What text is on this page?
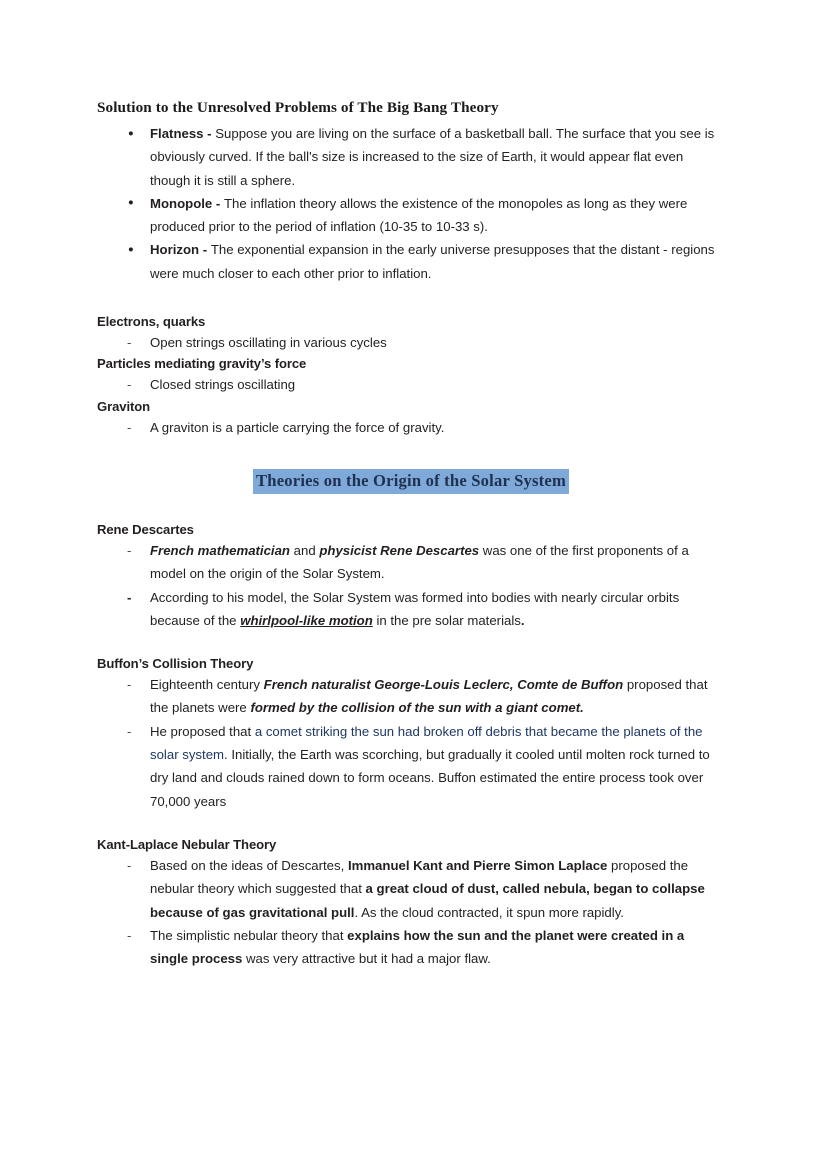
Solution to the Unresolved Problems of The Big Bang Theory
● Flatness - Suppose you are living on the surface of a basketball ball. The surface that you see is obviously curved. If the ball's size is increased to the size of Earth, it would appear flat even though it is still a sphere.
● Monopole - The inflation theory allows the existence of the monopoles as long as they were produced prior to the period of inflation (10-35 to 10-33 s).
● Horizon - The exponential expansion in the early universe presupposes that the distant - regions were much closer to each other prior to inflation.
Electrons, quarks
- Open strings oscillating in various cycles
Particles mediating gravity’s force
- Closed strings oscillating
Graviton
- A graviton is a particle carrying the force of gravity.
Theories on the Origin of the Solar System
Rene Descartes
- French mathematician and physicist Rene Descartes was one of the first proponents of a model on the origin of the Solar System.
- According to his model, the Solar System was formed into bodies with nearly circular orbits because of the whirlpool-like motion in the pre solar materials.
Buffon’s Collision Theory
- Eighteenth century French naturalist George-Louis Leclerc, Comte de Buffon proposed that the planets were formed by the collision of the sun with a giant comet.
- He proposed that a comet striking the sun had broken off debris that became the planets of the solar system. Initially, the Earth was scorching, but gradually it cooled until molten rock turned to dry land and clouds rained down to form oceans. Buffon estimated the entire process took over 70,000 years
Kant-Laplace Nebular Theory
- Based on the ideas of Descartes, Immanuel Kant and Pierre Simon Laplace proposed the nebular theory which suggested that a great cloud of dust, called nebula, began to collapse because of gas gravitational pull. As the cloud contracted, it spun more rapidly.
- The simplistic nebular theory that explains how the sun and the planet were created in a single process was very attractive but it had a major flaw.
